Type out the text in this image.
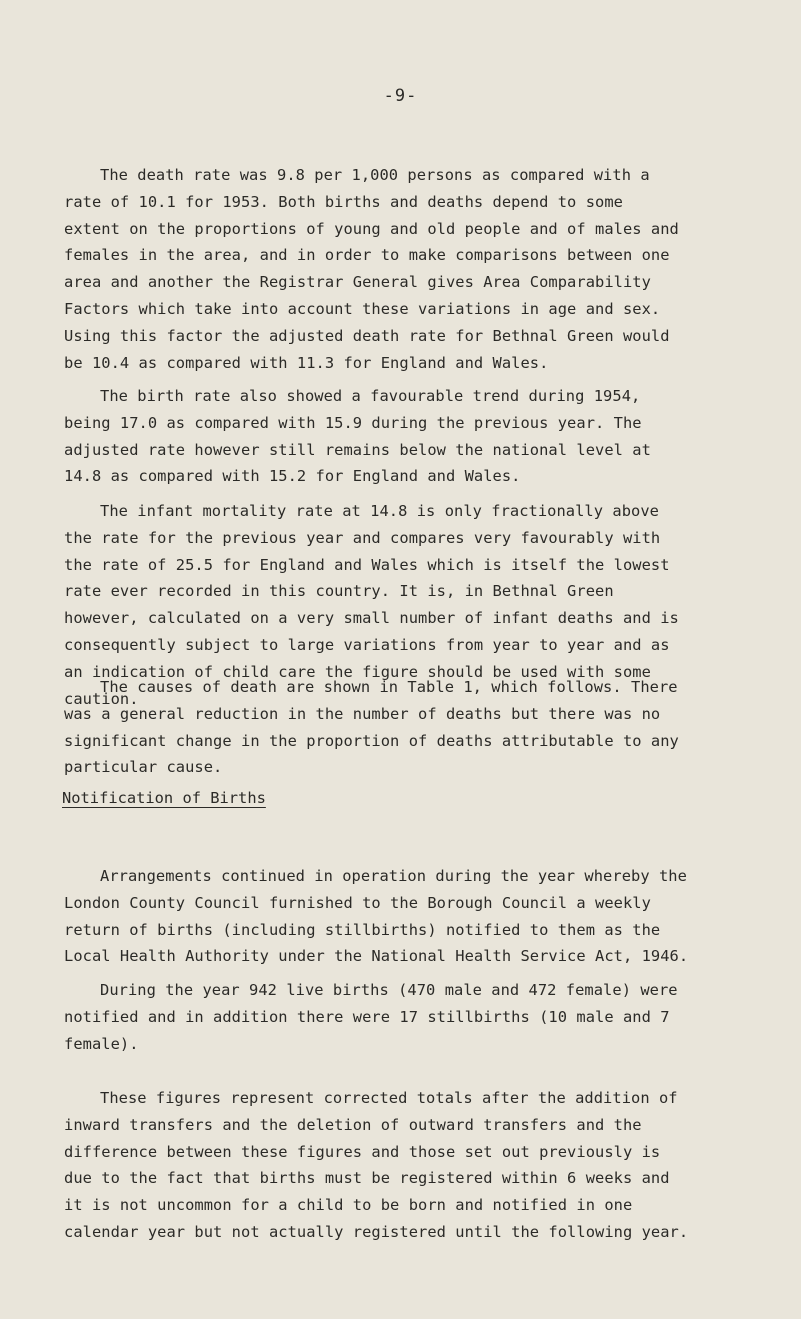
-9-

The death rate was 9.8 per 1,000 persons as compared with a
rate of 10.1 for 1953. Both births and deaths depend to some
extent on the proportions of young and old people and of males and
females in the area, and in order to make comparisons between one
area and another the Registrar General gives Area Comparability
Factors which take into account these variations in age and sex.
Using this factor the adjusted death rate for Bethnal Green would
be 10.4 as compared with 11.3 for England and Wales.

The birth rate also showed a favourable trend during 1954,
being 17.0 as compared with 15.9 during the previous year. The
adjusted rate however still remains below the national level at
14.8 as compared with 15.2 for England and Wales.

The infant mortality rate at 14.8 is only fractionally above
the rate for the previous year and compares very favourably with
the rate of 25.5 for England and Wales which is itself the lowest
rate ever recorded in this country. It is, in Bethnal Green
however, calculated on a very small number of infant deaths and is
consequently subject to large variations from year to year and as
an indication of child care the figure should be used with some
caution.

The causes of death are shown in Table 1, which follows. There
was a general reduction in the number of deaths but there was no
significant change in the proportion of deaths attributable to any
particular cause.

Notification of Births

Arrangements continued in operation during the year whereby the
London County Council furnished to the Borough Council a weekly
return of births (including stillbirths) notified to them as the
Local Health Authority under the National Health Service Act, 1946.

During the year 942 live births (470 male and 472 female) were
notified and in addition there were 17 stillbirths (10 male and 7
female).

These figures represent corrected totals after the addition of
inward transfers and the deletion of outward transfers and the
difference between these figures and those set out previously is
due to the fact that births must be registered within 6 weeks and
it is not uncommon for a child to be born and notified in one
calendar year but not actually registered until the following year.
